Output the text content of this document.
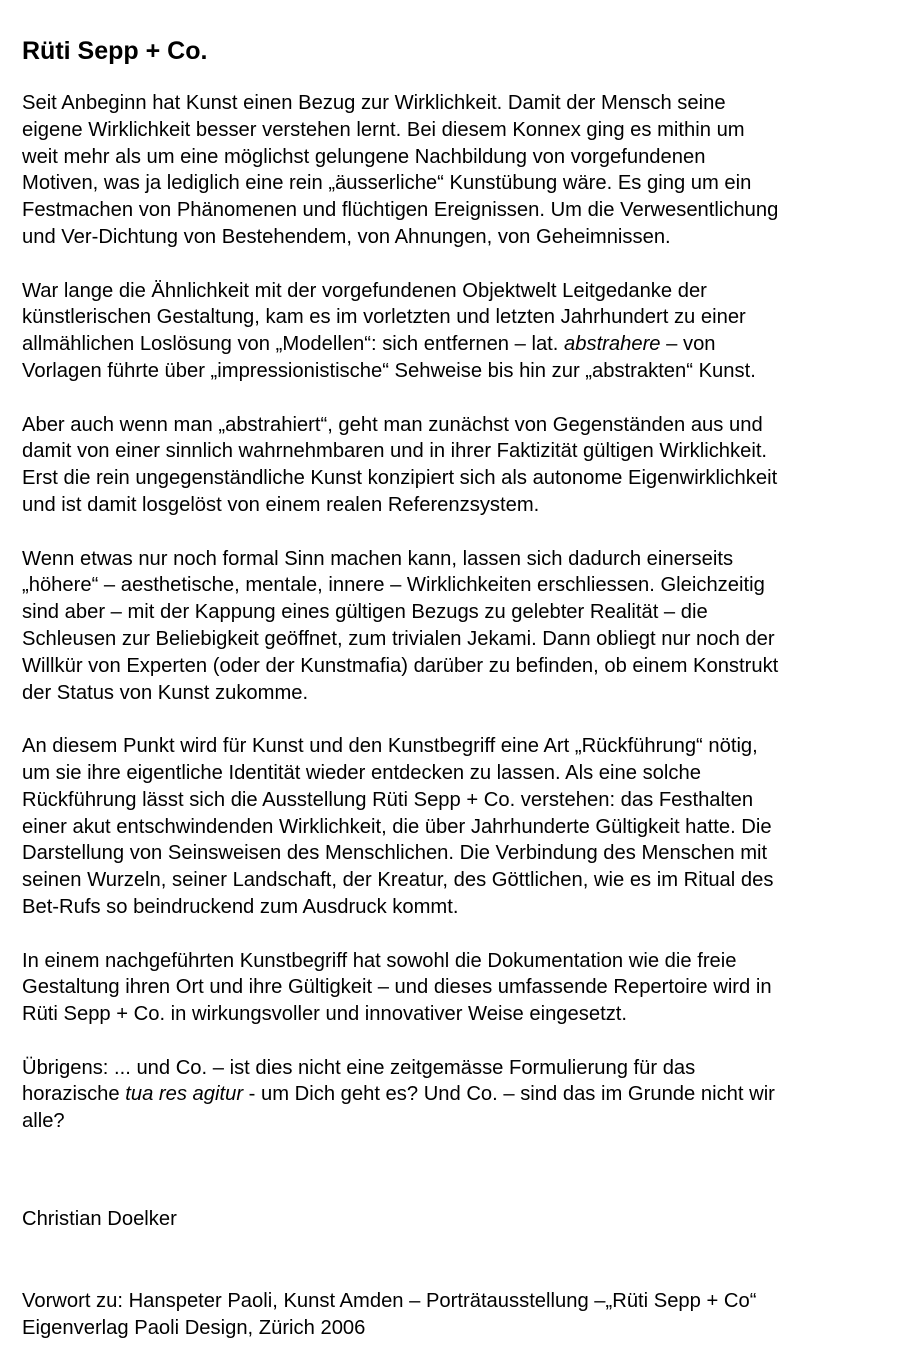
Rüti Sepp + Co.
Seit Anbeginn hat Kunst einen Bezug zur Wirklichkeit. Damit der Mensch seine
eigene Wirklichkeit besser verstehen lernt. Bei diesem Konnex ging es mithin um
weit mehr als um eine möglichst gelungene Nachbildung von vorgefundenen
Motiven, was ja lediglich eine rein „äusserliche“ Kunstübung wäre. Es ging um ein
Festmachen von Phänomenen und flüchtigen Ereignissen. Um die Verwesentlichung
und Ver-Dichtung von Bestehendem, von Ahnungen, von Geheimnissen.
War lange die Ähnlichkeit mit der vorgefundenen Objektwelt Leitgedanke der
künstlerischen Gestaltung, kam es im vorletzten und letzten Jahrhundert zu einer
allmählichen Loslösung von „Modellen“: sich entfernen – lat. abstrahere – von
Vorlagen führte über „impressionistische“ Sehweise bis hin zur „abstrakten“ Kunst.
Aber auch wenn man „abstrahiert“, geht man zunächst von Gegenständen aus und
damit von einer sinnlich wahrnehmbaren und in ihrer Faktizität gültigen Wirklichkeit.
Erst die rein ungegenständliche Kunst konzipiert sich als autonome Eigenwirklichkeit
und ist damit losgelöst von einem realen Referenzsystem.
Wenn etwas nur noch formal Sinn machen kann, lassen sich dadurch einerseits
„höhere“ – aesthetische, mentale, innere – Wirklichkeiten erschliessen. Gleichzeitig
sind aber – mit der Kappung eines gültigen Bezugs zu gelebter Realität – die
Schleusen zur Beliebigkeit geöffnet, zum trivialen Jekami. Dann obliegt nur noch der
Willkür von Experten (oder der Kunstmafia) darüber zu befinden, ob einem Konstrukt
der Status von Kunst zukomme.
An diesem Punkt wird für Kunst und den Kunstbegriff eine Art „Rückführung“ nötig,
um sie ihre eigentliche Identität wieder entdecken zu lassen. Als eine solche
Rückführung lässt sich die Ausstellung Rüti Sepp + Co. verstehen: das Festhalten
einer akut entschwindenden Wirklichkeit, die über Jahrhunderte Gültigkeit hatte. Die
Darstellung von Seinsweisen des Menschlichen. Die Verbindung des Menschen mit
seinen Wurzeln, seiner Landschaft, der Kreatur, des Göttlichen, wie es im Ritual des
Bet-Rufs so beindruckend zum Ausdruck kommt.
In einem nachgeführten Kunstbegriff hat sowohl die Dokumentation wie die freie
Gestaltung ihren Ort und ihre Gültigkeit – und dieses umfassende Repertoire wird in
Rüti Sepp + Co. in wirkungsvoller und innovativer Weise eingesetzt.
Übrigens: ... und Co. – ist dies nicht eine zeitgemässe Formulierung für das
horazische tua res agitur - um Dich geht es? Und Co. – sind das im Grunde nicht wir
alle?
Christian Doelker
Vorwort zu: Hanspeter Paoli, Kunst Amden – Porträtausstellung –„Rüti Sepp + Co“
Eigenverlag Paoli Design, Zürich 2006
